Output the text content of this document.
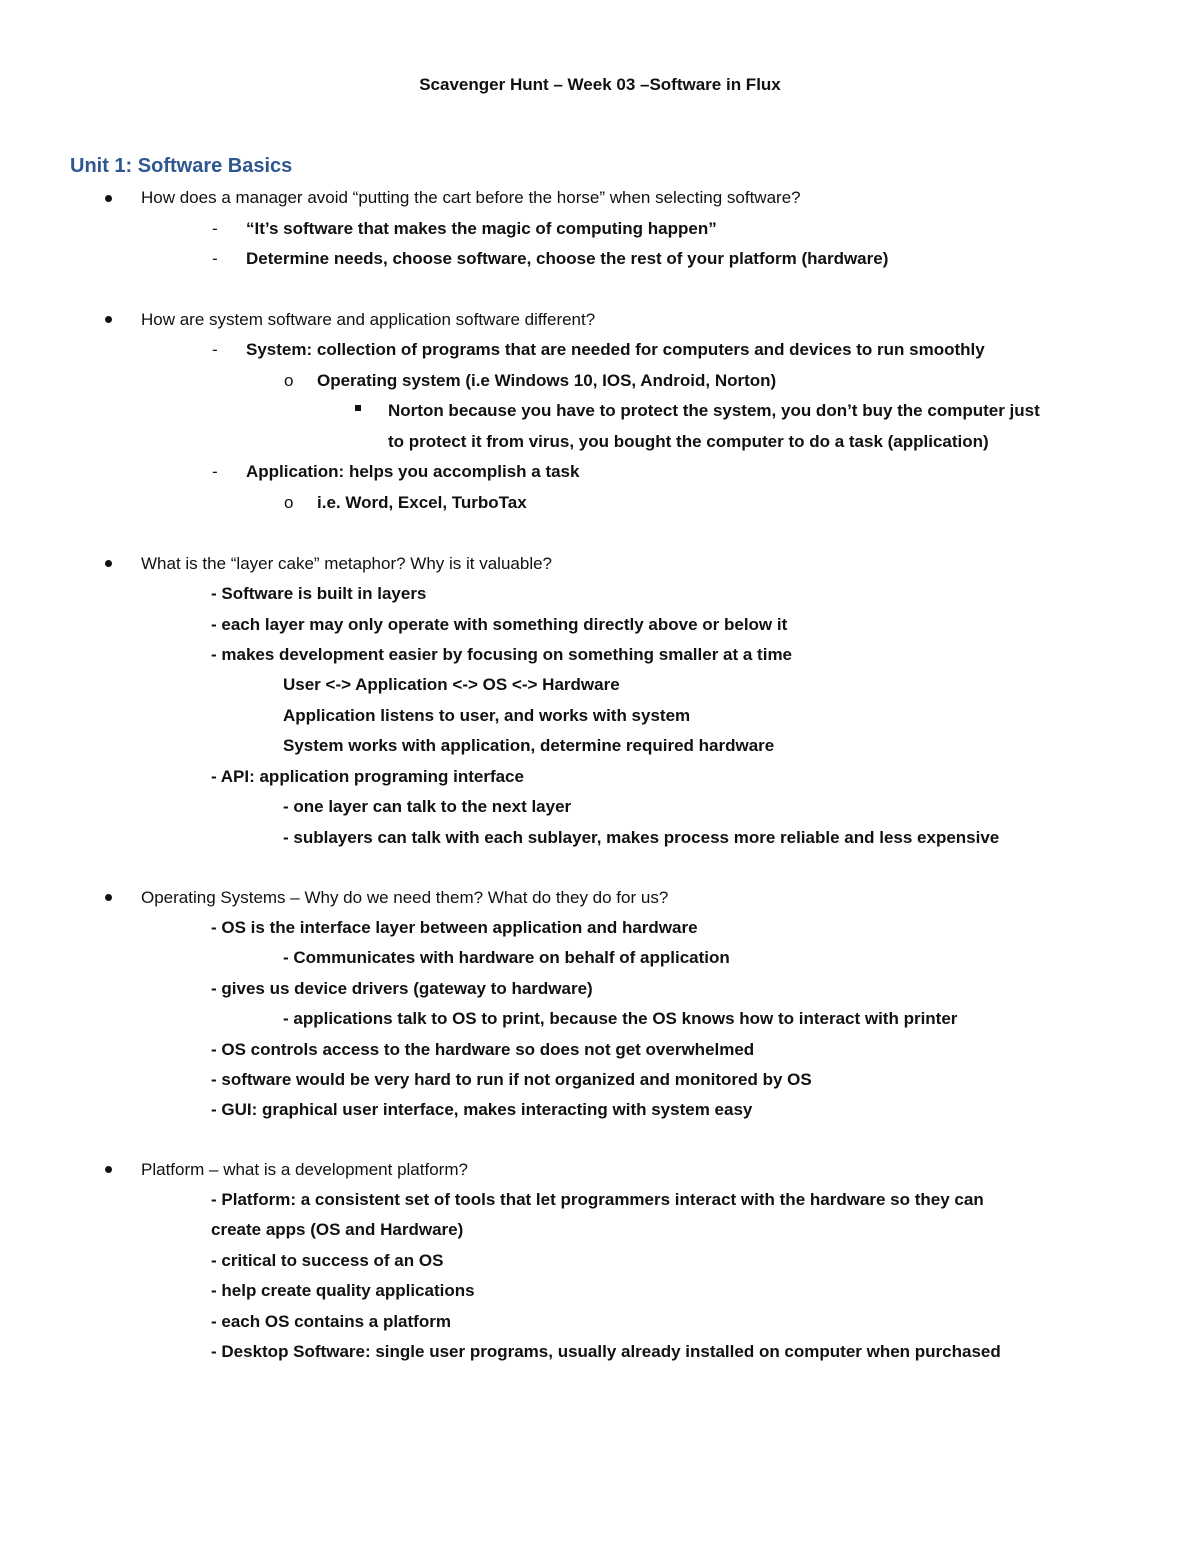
Scavenger Hunt – Week 03 –Software in Flux
Unit 1: Software Basics
How does a manager avoid “putting the cart before the horse” when selecting software?
- “It’s software that makes the magic of computing happen”
- Determine needs, choose software, choose the rest of your platform (hardware)
How are system software and application software different?
- System: collection of programs that are needed for computers and devices to run smoothly
o Operating system (i.e Windows 10, IOS, Android, Norton)
Norton because you have to protect the system, you don’t buy the computer just
to protect it from virus, you bought the computer to do a task (application)
- Application: helps you accomplish a task
o i.e. Word, Excel, TurboTax
What is the “layer cake” metaphor? Why is it valuable?
- Software is built in layers
- each layer may only operate with something directly above or below it
- makes development easier by focusing on something smaller at a time
User <-> Application <-> OS <-> Hardware
Application listens to user, and works with system
System works with application, determine required hardware
- API: application programing interface
- one layer can talk to the next layer
- sublayers can talk with each sublayer, makes process more reliable and less expensive
Operating Systems – Why do we need them? What do they do for us?
- OS is the interface layer between application and hardware
- Communicates with hardware on behalf of application
- gives us device drivers (gateway to hardware)
- applications talk to OS to print, because the OS knows how to interact with printer
- OS controls access to the hardware so does not get overwhelmed
- software would be very hard to run if not organized and monitored by OS
- GUI: graphical user interface, makes interacting with system easy
Platform – what is a development platform?
- Platform: a consistent set of tools that let programmers interact with the hardware so they can
create apps (OS and Hardware)
- critical to success of an OS
- help create quality applications
- each OS contains a platform
- Desktop Software: single user programs, usually already installed on computer when purchased
